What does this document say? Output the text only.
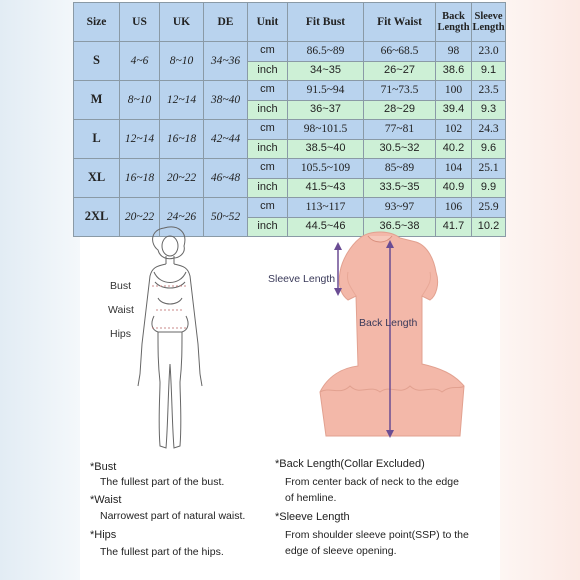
Size	US	UK	DE	Unit	Fit Bust	Fit Waist	Back Length	Sleeve Length
S	4~6	8~10	34~36	cm	86.5~89	66~68.5	98	23.0
				inch	34~35	26~27	38.6	9.1
M	8~10	12~14	38~40	cm	91.5~94	71~73.5	100	23.5
				inch	36~37	28~29	39.4	9.3
L	12~14	16~18	42~44	cm	98~101.5	77~81	102	24.3
				inch	38.5~40	30.5~32	40.2	9.6
XL	16~18	20~22	46~48	cm	105.5~109	85~89	104	25.1
				inch	41.5~43	33.5~35	40.9	9.9
2XL	20~22	24~26	50~52	cm	113~117	93~97	106	25.9
				inch	44.5~46	36.5~38	41.7	10.2
Bust
Waist
Hips
Sleeve Length
Back Length
*Bust
The fullest part of the bust.
*Waist
Narrowest part of natural waist.
*Hips
The fullest part of the hips.
*Back Length(Collar Excluded)
From center back of neck to the edge
of hemline.
*Sleeve Length
From shoulder sleeve point(SSP) to the
edge of sleeve opening.
